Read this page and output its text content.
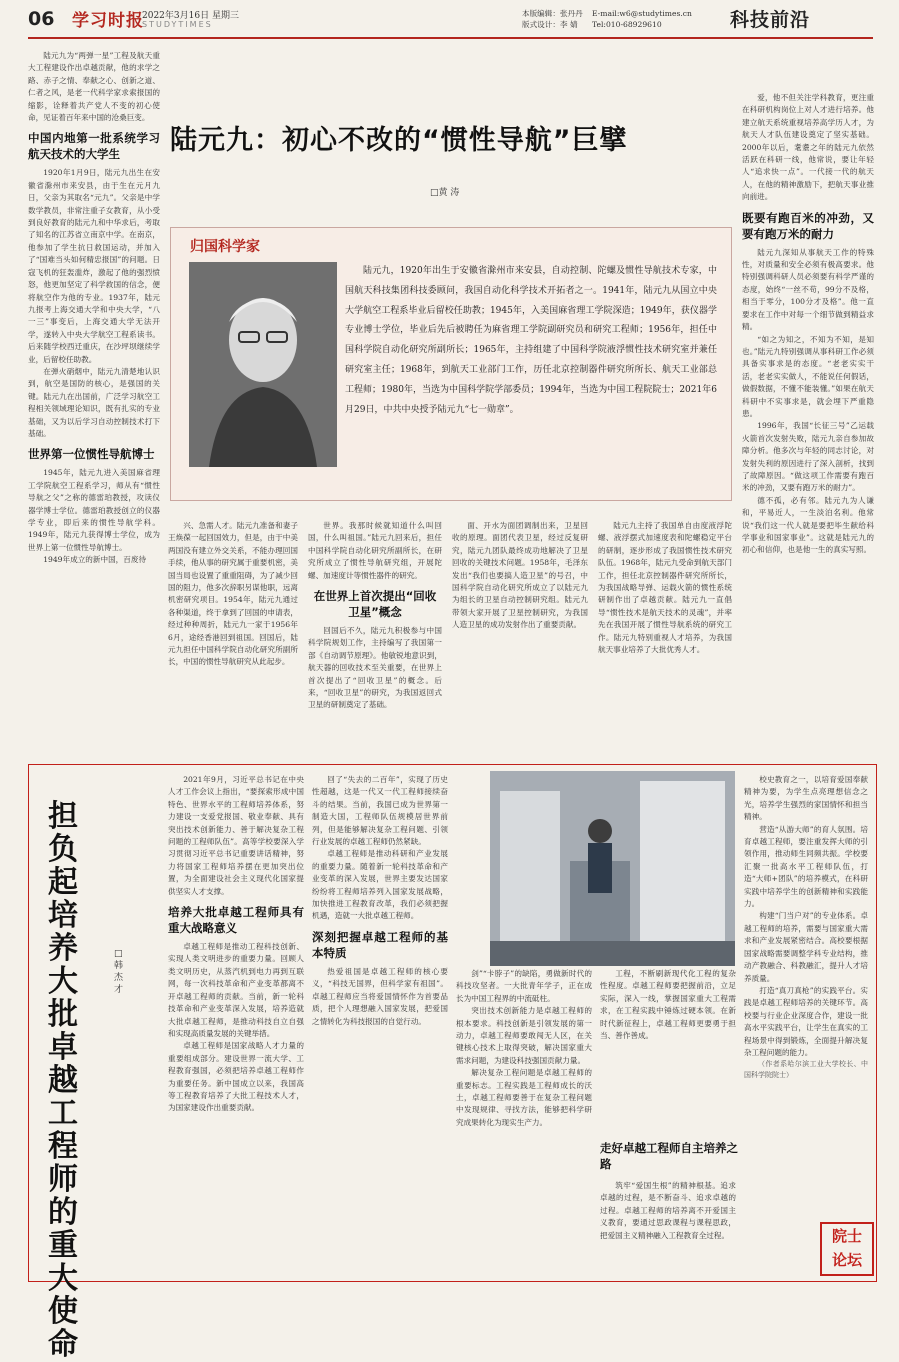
06 学习时报
2022年3月16日 星期三
STUDYTIMES
本版编辑：张丹丹
版式设计：李 婧
E-mail:w6@studytimes.cn
Tel:010-68929610	科技前沿

陆元九为“两弹一星”工程及航天重大工程建设作出卓越贡献，他的求学之路、赤子之情、奉献之心、创新之道、仁者之风，是老一代科学家求索报国的缩影，诠释着共产党人不变的初心使命，见证着百年来中国的沧桑巨变。

中国内地第一批系统学习航天技术的大学生

1920年1月9日，陆元九出生在安徽省滁州市来安县，由于生在元月九日，父亲为其取名“元九”。父亲是中学数学教员，非常注重子女教育，从小受到良好教育的陆元九和中华求后，考取了知名的江苏省立南京中学。在南京，他参加了学生抗日救国运动，并加入了“国难当头如何精忠报国”的问题。日寇飞机的狂轰滥炸，激起了他的强烈愤怒，他更加坚定了科学救国的信念，便将航空作为他的专业。1937年，陆元九报考上海交通大学和中央大学，“八一三”事变后，上海交通大学无法开学，遂转入中央大学航空工程系读书。后来随学校西迁重庆，在沙坪坝继续学业，后留校任助教。

在弹火硝烟中，陆元九清楚地认识到，航空是国防的核心，是强国的关键。陆元九在出国前，广泛学习航空工程相关领域理论知识，既有扎实的专业基础，又为以后学习自动控制技术打下基础。

世界第一位惯性导航博士

1945年，陆元九进入美国麻省理工学院航空工程系学习，师从有“惯性导航之父”之称的德雷珀教授，攻读仪器学博士学位。德雷珀教授创立的仪器学专业，即后来的惯性导航学科。1949年，陆元九获得博士学位，成为世界上第一位惯性导航博士。

1949年成立的新中国，百废待

陆元九：初心不改的“惯性导航”巨擘
□黄 涛
归国科学家

陆元九，1920年出生于安徽省滁州市来安县，自动控制、陀螺及惯性导航技术专家，中国航天科技集团科技委顾问，我国自动化科学技术开拓者之一。1941年，陆元九从国立中央大学航空工程系毕业后留校任助教；1945年，入美国麻省理工学院深造；1949年，获仪器学专业博士学位，毕业后先后被聘任为麻省理工学院副研究员和研究工程师；1956年，担任中国科学院自动化研究所副所长；1965年，主持组建了中国科学院液浮惯性技术研究室并兼任研究室主任；1968年，到航天工业部门工作，历任北京控制器件研究所所长、航天工业部总工程师；1980年，当选为中国科学院学部委员；1994年，当选为中国工程院院士；2021年6月29日，中共中央授予陆元九“七一勋章”。

兴、急需人才。陆元九准备和妻子王焕葆一起回国效力，但是，由于中美两国没有建立外交关系，不能办理回国手续，他从事的研究属于重要机密，美国当局也设置了重重阻碍，为了减少回国的阻力，他多次辞职另谋他职，远离机密研究项目。1954年，陆元九通过各种渠道，终于拿到了回国的申请表，经过种种周折，陆元九一家于1956年6月，途经香港回到祖国。回国后，陆元九担任中国科学院自动化研究所副所长，中国的惯性导航研究从此起步。

世界。我那时候就知道什么叫回国，什么叫祖国。”陆元九回来后，担任中国科学院自动化研究所副所长，在研究所成立了惯性导航研究组，开展陀螺、加速度计等惯性器件的研究。

在世界上首次提出“回收卫星”概念

回国后不久，陆元九积极参与中国科学院规划工作，主持编写了我国第一部《自动调节原理》。他敏锐地意识到，航天器的回收技术至关重要，在世界上首次提出了“回收卫星”的概念。后来，“回收卫星”的研究，为我国返回式卫星的研制奠定了基础。

面、开水为面团调制出来，卫星回收的原理。面团代表卫星，经过反复研究，陆元九团队最终成功地解决了卫星回收的关键技术问题。1958年，毛泽东发出“我们也要搞人造卫星”的号召，中国科学院自动化研究所成立了以陆元九为组长的卫星自动控制研究组。陆元九带领大家开展了卫星控制研究，为我国人造卫星的成功发射作出了重要贡献。

陆元九主持了我国单自由度液浮陀螺、液浮摆式加速度表和陀螺稳定平台的研制，逐步形成了我国惯性技术研究队伍。1968年，陆元九受命到航天部门工作，担任北京控制器件研究所所长，为我国战略导弹、运载火箭的惯性系统研制作出了卓越贡献。陆元九一直倡导“惯性技术是航天技术的灵魂”，并率先在我国开展了惯性导航系统的研究工作。陆元九特别重视人才培养，为我国航天事业培养了大批优秀人才。

爱，他不但关注学科教育，更注重在科研机构岗位上对人才进行培养。他建立航天系统重视培养高学历人才，为航天人才队伍建设奠定了坚实基础。2000年以后，耄耋之年的陆元九依然活跃在科研一线，他常说，要让年轻人“追求快一点”。一代接一代的航天人，在他的精神激励下，把航天事业推向前进。

既要有跑百米的冲劲，又要有跑万米的耐力

陆元九深知从事航天工作的特殊性，对质量和安全必须有极高要求。他特别强调科研人员必须要有科学严谨的态度，始终“一丝不苟，99分不及格，相当于零分，100分才及格”。他一直要求在工作中对每一个细节做到精益求精。

“如之为知之，不知为不知，是知也。”陆元九特别强调从事科研工作必须具备实事求是的态度。“老老实实干活，老老实实做人，不能说任何假话，做假数据，不懂不能装懂。”如果在航天科研中不实事求是，就会埋下严重隐患。

1996年，我国“长征三号”乙运载火箭首次发射失败，陆元九亲自参加故障分析。他多次与年轻的同志讨论，对发射失利的原因进行了深入剖析，找到了故障原因。“做这项工作需要有跑百米的冲劲，又要有跑万米的耐力”。

德不孤，必有邻。陆元九为人谦和，平易近人，一生淡泊名利。他常说“我们这一代人就是要把毕生献给科学事业和国家事业”。这就是陆元九的初心和信仰，也是他一生的真实写照。

担负起培养大批卓越工程师的重大使命
□韩杰才

2021年9月，习近平总书记在中央人才工作会议上指出，“要探索形成中国特色、世界水平的工程师培养体系，努力建设一支爱党报国、敬业奉献、具有突出技术创新能力、善于解决复杂工程问题的工程师队伍”。高等学校要深入学习贯彻习近平总书记重要讲话精神，努力将国家工程师培养摆在更加突出位置，为全面建设社会主义现代化国家提供坚实人才支撑。

培养大批卓越工程师具有重大战略意义

卓越工程师是推动工程科技创新、实现人类文明进步的重要力量。回顾人类文明历史，从蒸汽机到电力再到互联网，每一次科技革命和产业变革都离不开卓越工程师的贡献。当前，新一轮科技革命和产业变革深入发展，培养造就大批卓越工程师，是推动科技自立自强和实现高质量发展的关键举措。

卓越工程师是国家战略人才力量的重要组成部分。建设世界一流大学、工程教育强国，必须把培养卓越工程师作为重要任务。新中国成立以来，我国高等工程教育培养了大批工程技术人才，为国家建设作出重要贡献。

回了“失去的二百年”，实现了历史性超越，这是一代又一代工程师接续奋斗的结果。当前，我国已成为世界第一制造大国，工程师队伍规模居世界前列，但是能够解决复杂工程问题、引领行业发展的卓越工程师仍然紧缺。

卓越工程师是推动科研和产业发展的重要力量。随着新一轮科技革命和产业变革的深入发展，世界主要发达国家纷纷将工程师培养列入国家发展战略，加快推进工程教育改革，我们必须把握机遇，造就一大批卓越工程师。

深刻把握卓越工程师的基本特质

热爱祖国是卓越工程师的核心要义，“科技无国界，但科学家有祖国”。卓越工程师应当将爱国情怀作为首要品质，把个人理想融入国家发展，把爱国之情转化为科技报国的自觉行动。

剑”“卡脖子”的缺陷，勇做新时代的科技攻坚者。一大批青年学子，正在成长为中国工程界的中流砥柱。

突出技术创新能力是卓越工程师的根本要求。科技创新是引领发展的第一动力，卓越工程师要敢闯无人区，在关键核心技术上取得突破，解决国家重大需求问题，为建设科技强国贡献力量。

解决复杂工程问题是卓越工程师的重要标志。工程实践是工程师成长的沃土，卓越工程师要善于在复杂工程问题中发现规律、寻找方法，能够把科学研究成果转化为现实生产力。

工程，不断刷新现代化工程的复杂性程度。卓越工程师要把握前沿，立足实际，深入一线，掌握国家重大工程需求，在工程实践中锤炼过硬本领。在新时代新征程上，卓越工程师更要勇于担当、善作善成。

走好卓越工程师自主培养之路

筑牢“爱国生根”的精神根基。追求卓越的过程，是不断奋斗、追求卓越的过程。卓越工程师的培养离不开爱国主义教育，要通过思政课程与课程思政，把爱国主义精神融入工程教育全过程。

校史教育之一，以培育爱国奉献精神为要，为学生点亮理想信念之光，培养学生强烈的家国情怀和担当精神。

营造“从游大师”的育人氛围。培育卓越工程师，要注重发挥大师的引领作用，推动师生同频共振。学校要汇聚一批高水平工程师队伍，打造“大师+团队”的培养模式，在科研实践中培养学生的创新精神和实践能力。

构建“门当户对”的专业体系。卓越工程师的培养，需要与国家重大需求和产业发展紧密结合。高校要根据国家战略需要调整学科专业结构，推动产教融合、科教融汇，提升人才培养质量。

打造“真刀真枪”的实践平台。实践是卓越工程师培养的关键环节。高校要与行业企业深度合作，建设一批高水平实践平台，让学生在真实的工程场景中得到锻炼，全面提升解决复杂工程问题的能力。

（作者系哈尔滨工业大学校长、中国科学院院士）

院士
论坛
